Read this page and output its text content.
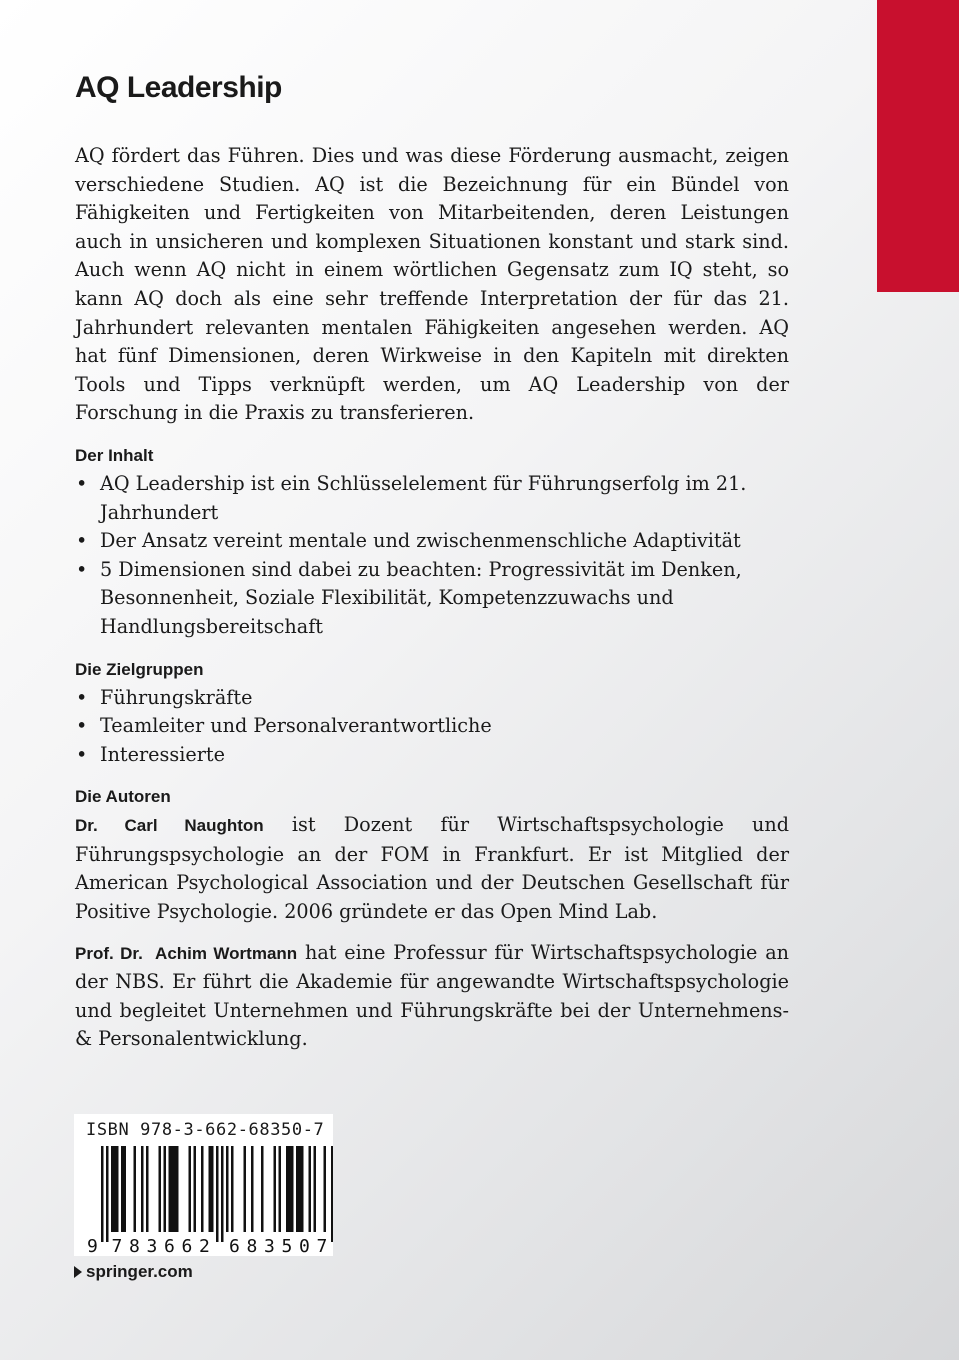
AQ Leadership

AQ fördert das Führen. Dies und was diese Förderung ausmacht, zeigen verschiedene Studien. AQ ist die Bezeichnung für ein Bündel von Fähigkeiten und Fertigkeiten von Mitarbeitenden, deren Leistungen auch in unsicheren und komplexen Situationen konstant und stark sind. Auch wenn AQ nicht in einem wörtlichen Gegensatz zum IQ steht, so kann AQ doch als eine sehr treffende Interpretation der für das 21. Jahrhundert relevanten mentalen Fähigkeiten angesehen werden. AQ hat fünf Dimensionen, deren Wirkweise in den Kapiteln mit direkten Tools und Tipps verknüpft werden, um AQ Leadership von der Forschung in die Praxis zu transferieren.

Der Inhalt
• AQ Leadership ist ein Schlüsselelement für Führungserfolg im 21. Jahrhundert
• Der Ansatz vereint mentale und zwischenmenschliche Adaptivität
• 5 Dimensionen sind dabei zu beachten: Progressivität im Denken, Besonnenheit, Soziale Flexibilität, Kompetenzzuwachs und Handlungsbereitschaft
Die Zielgruppen
• Führungskräfte
• Teamleiter und Personalverantwortliche
• Interessierte
Die Autoren

Dr. Carl Naughton ist Dozent für Wirtschaftspsychologie und Führungspsychologie an der FOM in Frankfurt. Er ist Mitglied der American Psychological Association und der Deutschen Gesellschaft für Positive Psychologie. 2006 gründete er das Open Mind Lab.

Prof. Dr.  Achim Wortmann hat eine Professur für Wirtschaftspsychologie an der NBS. Er führt die Akademie für angewandte Wirtschaftspsychologie und begleitet Unternehmen und Führungskräfte bei der Unternehmens- & Personalentwicklung.

ISBN 978-3-662-68350-7
9 7 8 3 6 6 2 6 8 3 5 0 7
springer.com
